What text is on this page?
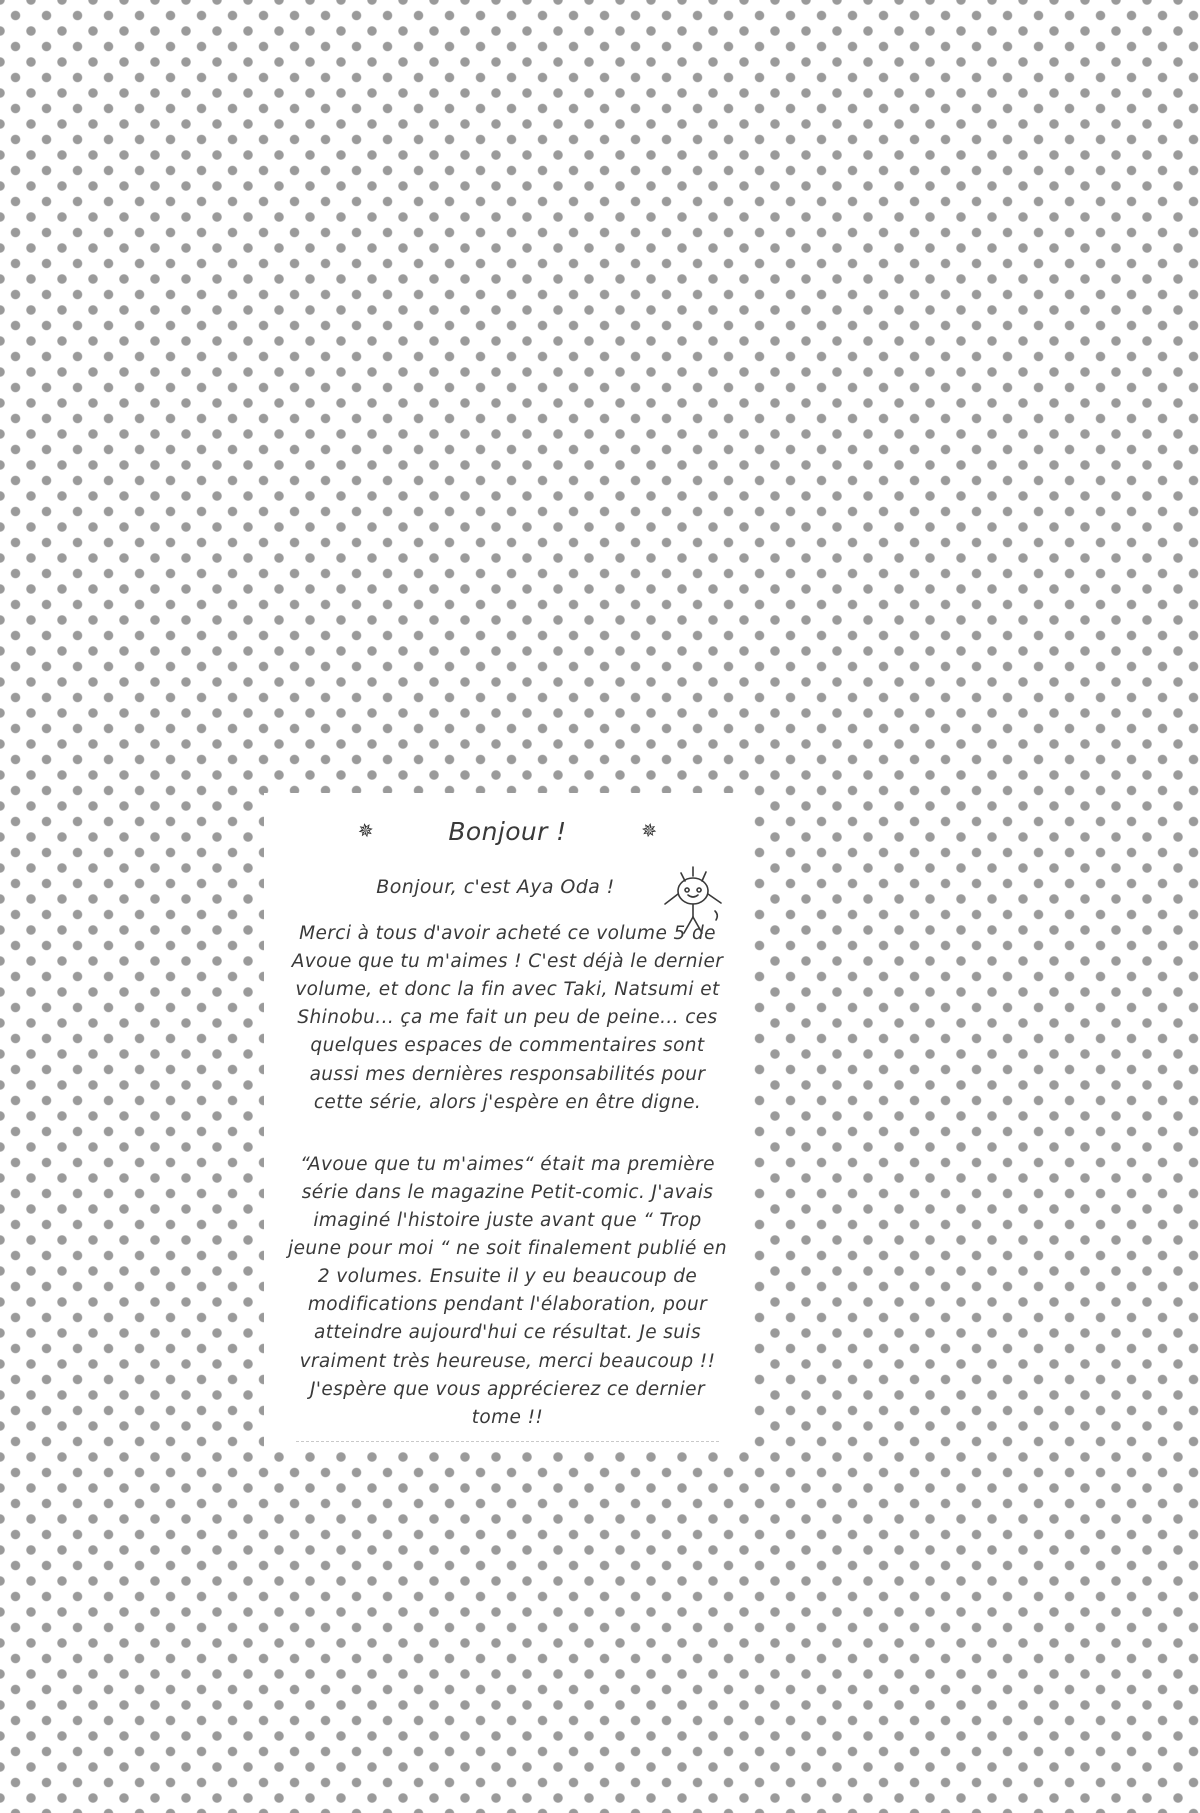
✵	Bonjour !	✵
Bonjour, c'est Aya Oda !
Merci à tous d'avoir acheté ce volume 5 de Avoue que tu m'aimes ! C'est déjà le dernier volume, et donc la fin avec Taki, Natsumi et Shinobu... ça me fait un peu de peine... ces quelques espaces de commentaires sont aussi mes dernières responsabilités pour cette série, alors j'espère en être digne.
“Avoue que tu m'aimes“ était ma première série dans le magazine Petit-comic. J'avais imaginé l'histoire juste avant que “ Trop jeune pour moi “ ne soit finalement publié en 2 volumes. Ensuite il y eu beaucoup de modifications pendant l'élaboration, pour atteindre aujourd'hui ce résultat. Je suis vraiment très heureuse, merci beaucoup !! J'espère que vous apprécierez ce dernier tome !!
